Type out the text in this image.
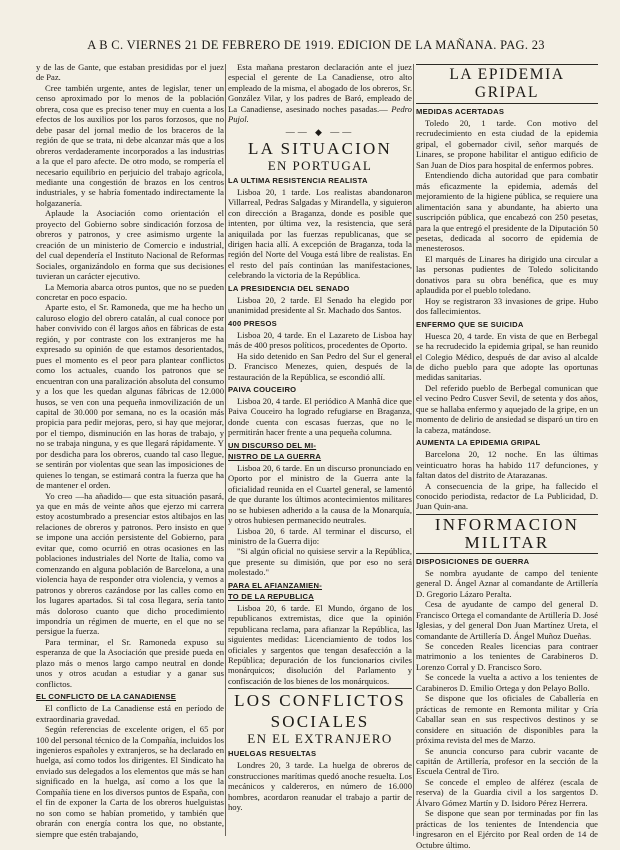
A B C. VIERNES 21 DE FEBRERO DE 1919. EDICION DE LA MAÑANA. PAG. 23

y de las de Gante, que estaban presididas por el juez de Paz.

Cree también urgente, antes de legislar, tener un censo aproximado por lo menos de la población obrera, cosa que es preciso tener muy en cuenta a los efectos de los auxilios por los paros forzosos, que no debe pasar del jornal medio de los braceros de la región de que se trata, ni debe alcanzar más que a los obreros verdaderamente incorporados a las industrias a la que el paro afecte. De otro modo, se rompería el necesario equilibrio en perjuicio del trabajo agrícola, mediante una congestión de brazos en los centros industriales, y se habría fomentado indirectamente la holgazanería.

Aplaude la Asociación como orientación el proyecto del Gobierno sobre sindicación forzosa de obreros y patronos, y cree asimismo urgente la creación de un ministerio de Comercio e industrial, del cual dependería el Instituto Nacional de Reformas Sociales, organizándolo en forma que sus decisiones tuvieran un carácter ejecutivo.

La Memoria abarca otros puntos, que no se pueden concretar en poco espacio.

Aparte esto, el Sr. Ramoneda, que me ha hecho un caluroso elogio del obrero catalán, al cual conoce por haber convivido con él largos años en fábricas de esta región, y por contraste con los extranjeros me ha expresado su opinión de que estamos desorientados, pues el momento es el peor para plantear conflictos como los actuales, cuando los patronos que se encuentran con una paralización absoluta del consumo y a los que les quedan algunas fábricas de 12.000 husos, se ven con una pequeña inmovilización de un capital de 30.000 por semana, no es la ocasión más propicia para pedir mejoras, pero, si hay que mejorar, por el tiempo, disminución en las horas de trabajo, y no se trabaja ninguna, y es que llegará rápidamente. Y por desdicha para los obreros, cuando tal caso llegue, se sentirán por violentas que sean las imposiciones de quienes lo tengan, se estimará contra la fuerza que ha de mantener el orden.

Yo creo —ha añadido— que esta situación pasará, ya que en más de veinte años que ejerzo mi carrera estoy acostumbrado a presenciar estos altibajos en las relaciones de obreros y patronos. Pero insisto en que se impone una acción persistente del Gobierno, para evitar que, como ocurrió en otras ocasiones en las poblaciones industriales del Norte de Italia, como va comenzando en alguna población de Barcelona, a una violencia haya de responder otra violencia, y vemos a patronos y obreros cazándose por las calles como en los lugares apartados. Si tal cosa llegara, sería tanto más doloroso cuanto que dicho procedimiento impondría un régimen de muerte, en el que no se persigue la fuerza.

Para terminar, el Sr. Ramoneda expuso su esperanza de que la Asociación que preside pueda en plazo más o menos largo campo neutral en donde unos y otros acudan a estudiar y a ganar sus conflictos.

EL CONFLICTO DE LA CANADIENSE

El conflicto de La Canadiense está en período de extraordinaria gravedad.

Según referencias de excelente origen, el 65 por 100 del personal técnico de la Compañía, incluidos los ingenieros españoles y extranjeros, se ha declarado en huelga, así como todos los dirigentes. El Sindicato ha enviado sus delegados a los elementos que más se han significado en la huelga, así como a los que la Compañía tiene en los diversos puntos de España, con el fin de exponer la Carta de los obreros huelguistas no son como se habían prometido, y también que obrarán con energía contra los que, no obstante, siempre que estén trabajando,

Esta mañana prestaron declaración ante el juez especial el gerente de La Canadiense, otro alto empleado de la misma, el abogado de los obreros, Sr. González Vilar, y los padres de Baró, empleado de La Canadiense, asesinado noches pasadas.— Pedro Pujol.

—— ◆ ——
LA SITUACION
EN PORTUGAL
LA ULTIMA RESISTENCIA REALISTA

Lisboa 20, 1 tarde. Los realistas abandonaron Villarreal, Pedras Salgadas y Mirandella, y siguieron con dirección a Braganza, donde es posible que intenten, por última vez, la resistencia, que será aniquilada por las fuerzas republicanas, que se dirigen hacia allí. A excepción de Braganza, toda la región del Norte del Vouga está libre de realistas. En el resto del país continúan las manifestaciones, celebrando la victoria de la República.

LA PRESIDENCIA DEL SENADO

Lisboa 20, 2 tarde. El Senado ha elegido por unanimidad presidente al Sr. Machado dos Santos.

400 PRESOS

Lisboa 20, 4 tarde. En el Lazareto de Lisboa hay más de 400 presos políticos, procedentes de Oporto.

Ha sido detenido en San Pedro del Sur el general D. Francisco Menezes, quien, después de la restauración de la República, se escondió allí.

PAIVA COUCEIRO

Lisboa 20, 4 tarde. El periódico A Manhã dice que Paiva Couceiro ha logrado refugiarse en Braganza, donde cuenta con escasas fuerzas, que no le permitirán hacer frente a una pequeña columna.

UN DISCURSO DEL MI-
NISTRO DE LA GUERRA

Lisboa 20, 6 tarde. En un discurso pronunciado en Oporto por el ministro de la Guerra ante la oficialidad reunida en el Cuartel general, se lamentó de que durante los últimos acontecimientos militares no se hubiesen adherido a la causa de la Monarquía, y otros hubiesen permanecido neutrales.

Lisboa 20, 6 tarde. Al terminar el discurso, el ministro de la Guerra dijo:

"Si algún oficial no quisiese servir a la República, que presente su dimisión, que por eso no será molestado."

PARA EL AFIANZAMIEN-
TO DE LA REPUBLICA

Lisboa 20, 6 tarde. El Mundo, órgano de los republicanos extremistas, dice que la opinión republicana reclama, para afianzar la República, las siguientes medidas: Licenciamiento de todos los oficiales y sargentos que tengan desafección a la República; depuración de los funcionarios civiles monárquicos; disolución del Parlamento y confiscación de los bienes de los monárquicos.

LOS CONFLICTOS
SOCIALES
EN EL EXTRANJERO
HUELGAS RESUELTAS

Londres 20, 3 tarde. La huelga de obreros de construcciones marítimas quedó anoche resuelta. Los mecánicos y caldereros, en número de 16.000 hombres, acordaron reanudar el trabajo a partir de hoy.

LA EPIDEMIA GRIPAL
MEDIDAS ACERTADAS

Toledo 20, 1 tarde. Con motivo del recrudecimiento en esta ciudad de la epidemia gripal, el gobernador civil, señor marqués de Linares, se propone habilitar el antiguo edificio de San Juan de Dios para hospital de enfermos pobres.

Entendiendo dicha autoridad que para combatir más eficazmente la epidemia, además del mejoramiento de la higiene pública, se requiere una alimentación sana y abundante, ha abierto una suscripción pública, que encabezó con 250 pesetas, para la que entregó el presidente de la Diputación 50 pesetas, dedicada al socorro de epidemia de menesterosos.

El marqués de Linares ha dirigido una circular a las personas pudientes de Toledo solicitando donativos para su obra benéfica, que es muy aplaudida por el pueblo toledano.

Hoy se registraron 33 invasiones de gripe. Hubo dos fallecimientos.

ENFERMO QUE SE SUICIDA

Huesca 20, 4 tarde. En vista de que en Berbegal se ha recrudecido la epidemia gripal, se han reunido el Colegio Médico, después de dar aviso al alcalde de dicho pueblo para que adopte las oportunas medidas sanitarias.

Del referido pueblo de Berbegal comunican que el vecino Pedro Cusver Sevil, de setenta y dos años, que se hallaba enfermo y aquejado de la gripe, en un momento de delirio de ansiedad se disparó un tiro en la cabeza, matándose.

AUMENTA LA EPIDEMIA GRIPAL

Barcelona 20, 12 noche. En las últimas veinticuatro horas ha habido 117 defunciones, y faltan datos del distrito de Atarazanas.

A consecuencia de la gripe, ha fallecido el conocido periodista, redactor de La Publicidad, D. Juan Quin-ana.

INFORMACION
MILITAR
DISPOSICIONES DE GUERRA

Se nombra ayudante de campo del teniente general D. Ángel Aznar al comandante de Artillería D. Gregorio Lázaro Peralta.

Cesa de ayudante de campo del general D. Francisco Ortega el comandante de Artillería D. José Iglesias, y del general Don Juan Martínez Ureta, el comandante de Artillería D. Ángel Muñoz Dueñas.

Se conceden Reales licencias para contraer matrimonio a los tenientes de Carabineros D. Lorenzo Corral y D. Francisco Soro.

Se concede la vuelta a activo a los tenientes de Carabineros D. Emilio Ortega y don Pelayo Bollo.

Se dispone que los oficiales de Caballería en prácticas de remonte en Remonta militar y Cría Caballar sean en sus respectivos destinos y se considere en situación de disponibles para la próxima revista del mes de Marzo.

Se anuncia concurso para cubrir vacante de capitán de Artillería, profesor en la sección de la Escuela Central de Tiro.

Se concede el empleo de alférez (escala de reserva) de la Guardia civil a los sargentos D. Álvaro Gómez Martín y D. Isidoro Pérez Herrera.

Se dispone que sean por terminadas por fin las prácticas de los tenientes de Intendencia que ingresaron en el Ejército por Real orden de 14 de Octubre último.
